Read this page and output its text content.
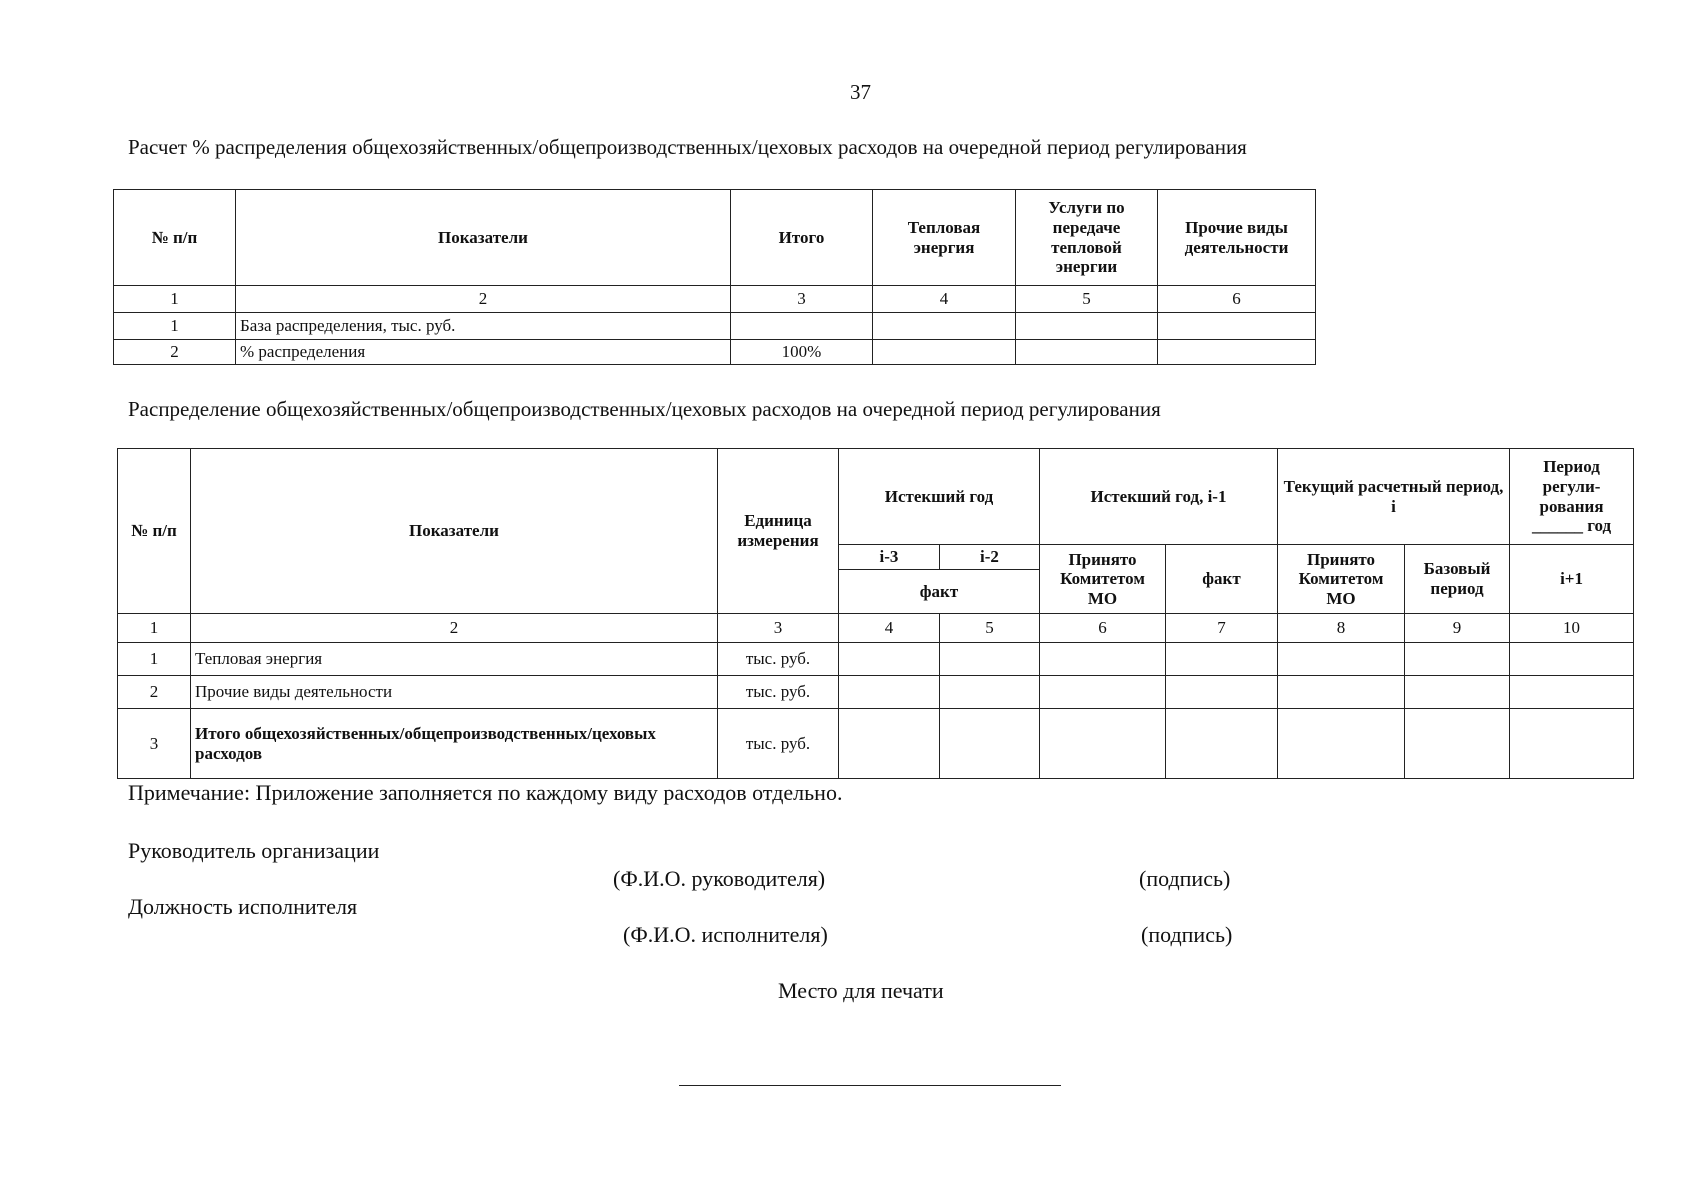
37
Расчет % распределения общехозяйственных/общепроизводственных/цеховых расходов на очередной период регулирования
№ п/п	Показатели	Итого	Тепловая энергия	Услуги по передаче тепловой энергии	Прочие виды деятельности
1	2	3	4	5	6
1	База распределения, тыс. руб.				
2	% распределения	100%			
Распределение общехозяйственных/общепроизводственных/цеховых расходов на очередной период регулирования
№ п/п	Показатели	Единица измерения	Истекший год		Истекший год, i-1		Текущий расчетный период, i		Период регули-рования ______ год
			i-3	i-2	Принято Комитетом МО	факт	Принято Комитетом МО	Базовый период	i+1
			факт						
1	2	3	4	5	6	7	8	9	10
1	Тепловая энергия	тыс. руб.							
2	Прочие виды деятельности	тыс. руб.							
3	Итого общехозяйственных/общепроизводственных/цеховых расходов	тыс. руб.							
Примечание: Приложение заполняется по каждому виду расходов отдельно.
Руководитель организации
(Ф.И.О. руководителя)	(подпись)
Должность исполнителя
(Ф.И.О. исполнителя)	(подпись)
Место для печати
